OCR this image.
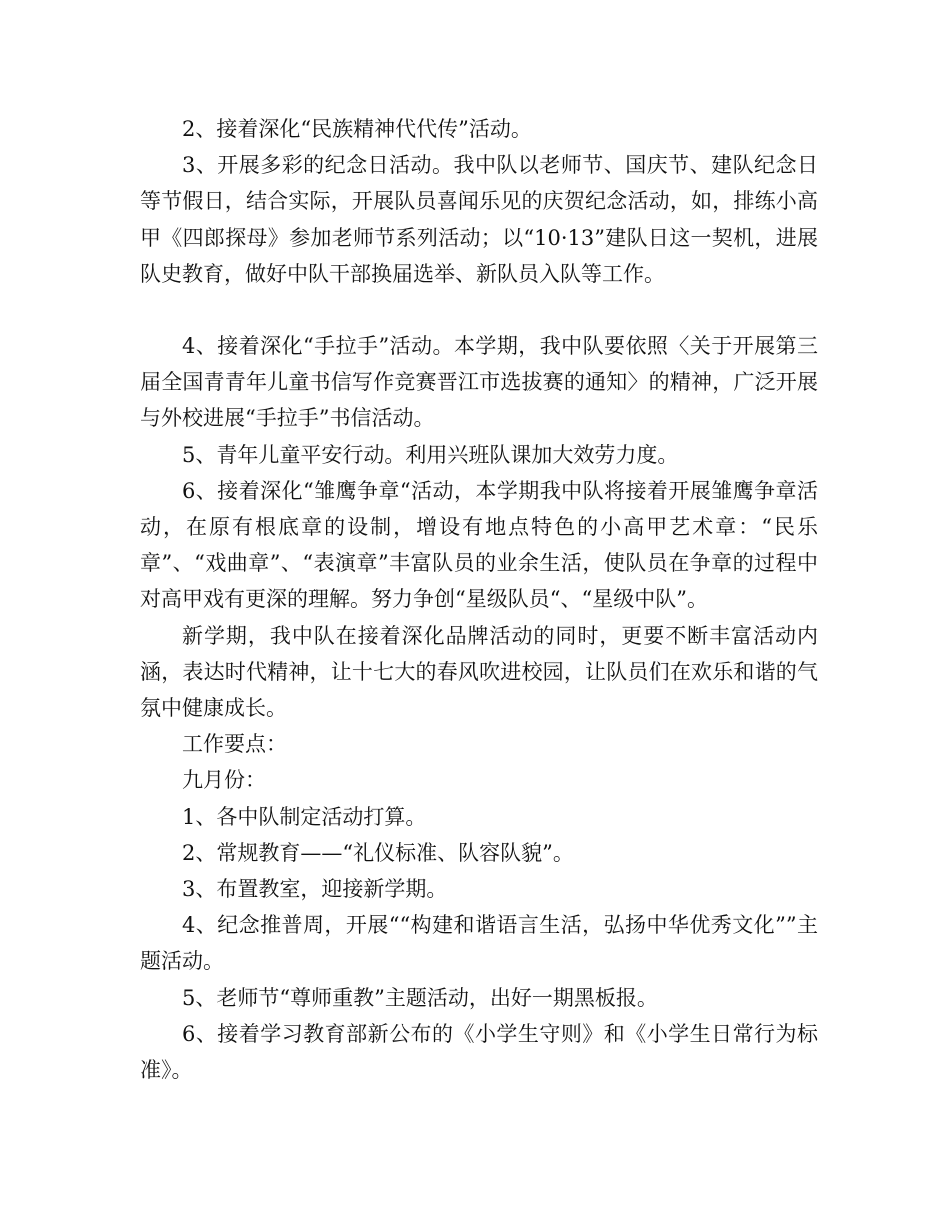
2、接着深化“民族精神代代传”活动。

3、开展多彩的纪念日活动。我中队以老师节、国庆节、建队纪念日等节假日，结合实际，开展队员喜闻乐见的庆贺纪念活动，如，排练小高甲《四郎探母》参加老师节系列活动；以“10·13”建队日这一契机，进展队史教育，做好中队干部换届选举、新队员入队等工作。

4、接着深化“手拉手”活动。本学期，我中队要依照〈关于开展第三届全国青青年儿童书信写作竞赛晋江市选拔赛的通知〉的精神，广泛开展与外校进展“手拉手”书信活动。

5、青年儿童平安行动。利用兴班队课加大效劳力度。

6、接着深化“雏鹰争章“活动，本学期我中队将接着开展雏鹰争章活动，在原有根底章的设制，增设有地点特色的小高甲艺术章：“民乐章”、“戏曲章”、“表演章”丰富队员的业余生活，使队员在争章的过程中对高甲戏有更深的理解。努力争创“星级队员“、“星级中队”。

新学期，我中队在接着深化品牌活动的同时，更要不断丰富活动内涵，表达时代精神，让十七大的春风吹进校园，让队员们在欢乐和谐的气氛中健康成长。

工作要点：

九月份：

1、各中队制定活动打算。

2、常规教育——“礼仪标准、队容队貌”。

3、布置教室，迎接新学期。

4、纪念推普周，开展““构建和谐语言生活，弘扬中华优秀文化””主题活动。

5、老师节“尊师重教”主题活动，出好一期黑板报。

6、接着学习教育部新公布的《小学生守则》和《小学生日常行为标准》。
